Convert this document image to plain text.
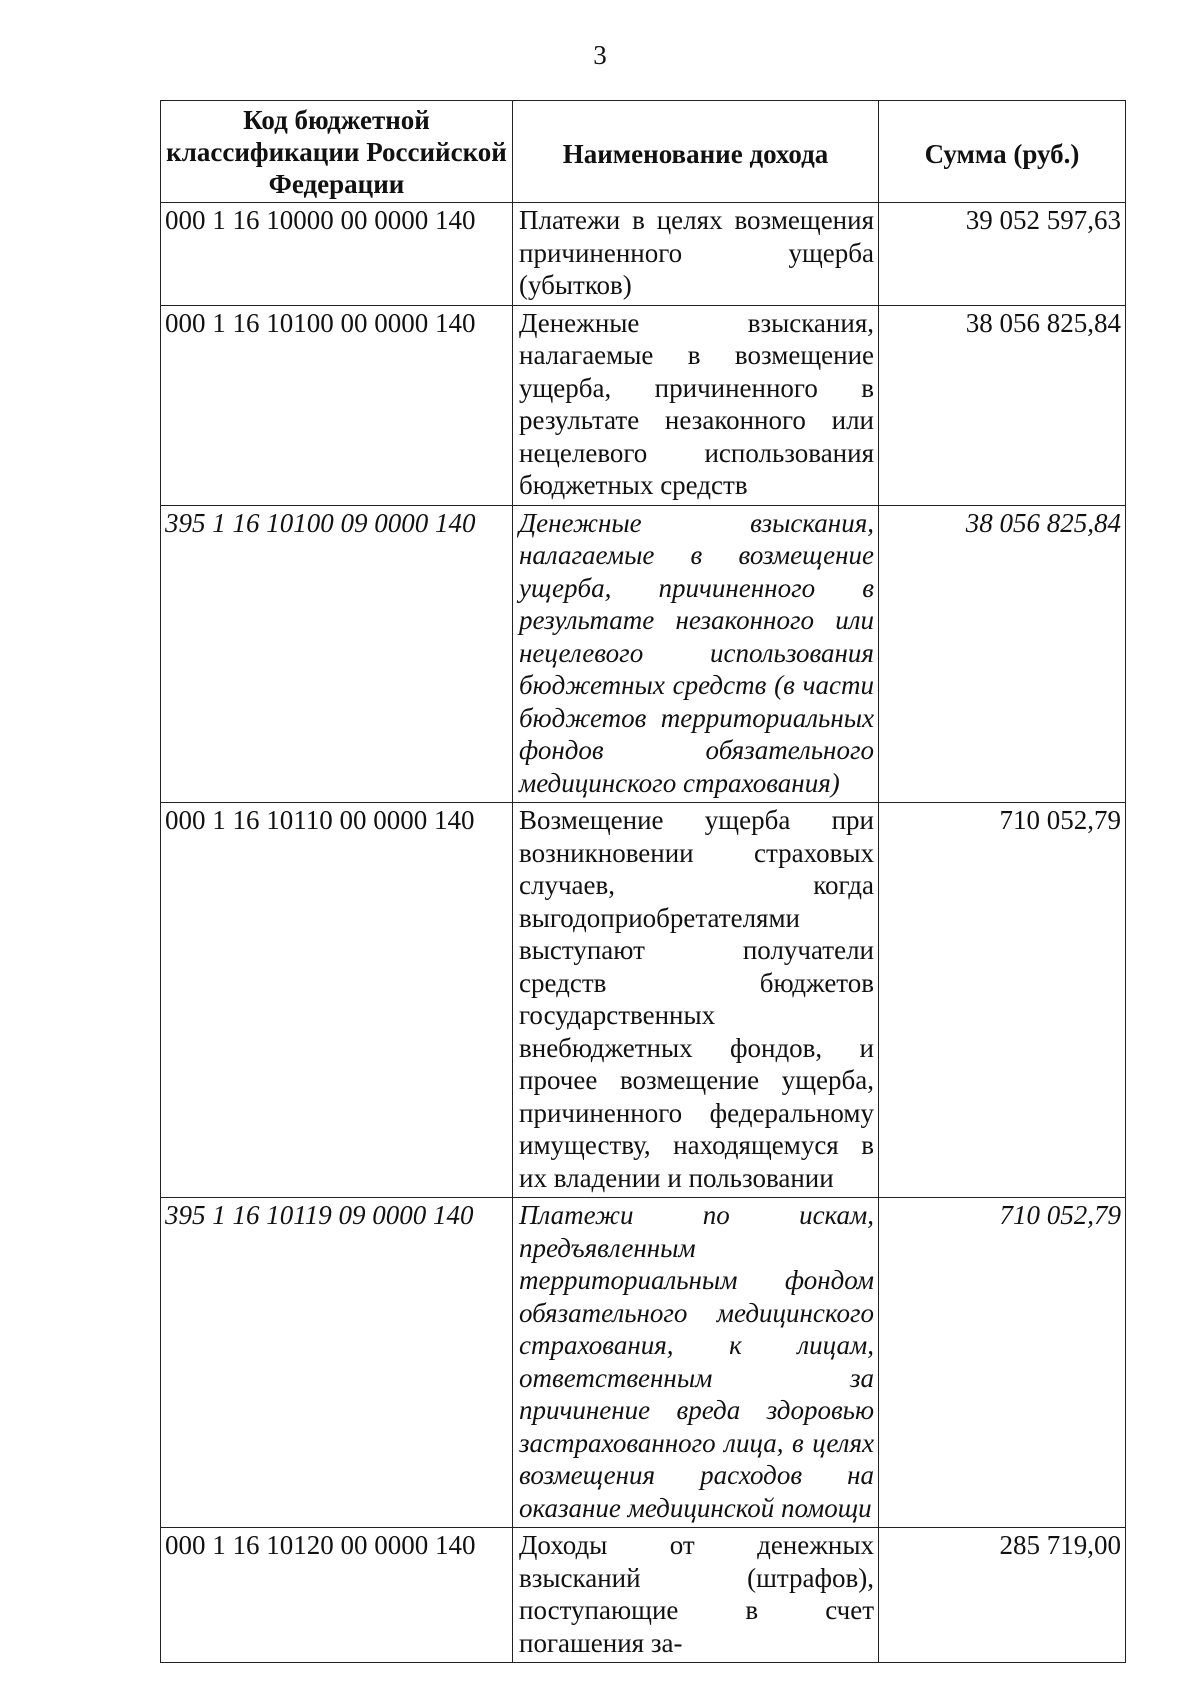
3
Код бюджетной классификации Российской Федерации	Наименование дохода	Сумма (руб.)
000 1 16 10000 00 0000 140	Платежи в целях возмещения причиненного ущерба (убытков)	39 052 597,63
000 1 16 10100 00 0000 140	Денежные взыскания, налагаемые в возмещение ущерба, причиненного в результате незаконного или нецелевого использования бюджетных средств	38 056 825,84
395 1 16 10100 09 0000 140	Денежные взыскания, налагаемые в возмещение ущерба, причиненного в результате незаконного или нецелевого использования бюджетных средств (в части бюджетов территориальных фондов обязательного медицинского страхования)	38 056 825,84
000 1 16 10110 00 0000 140	Возмещение ущерба при возникновении страховых случаев, когда выгодоприобретателями выступают получатели средств бюджетов государственных внебюджетных фондов, и прочее возмещение ущерба, причиненного федеральному имуществу, находящемуся в их владении и пользовании	710 052,79
395 1 16 10119 09 0000 140	Платежи по искам, предъявленным территориальным фондом обязательного медицинского страхования, к лицам, ответственным за причинение вреда здоровью застрахованного лица, в целях возмещения расходов на оказание медицинской помощи	710 052,79
000 1 16 10120 00 0000 140	Доходы от денежных взысканий (штрафов), поступающие в счет погашения за-	285 719,00
